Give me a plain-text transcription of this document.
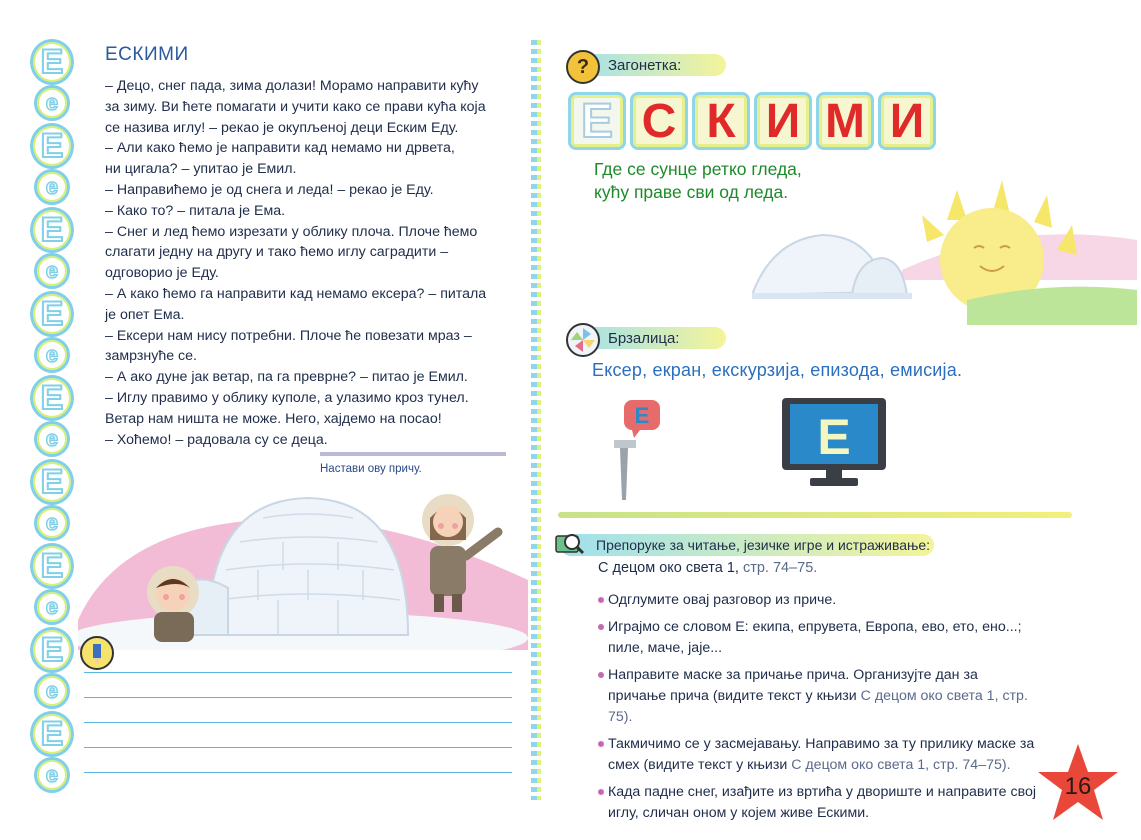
Е
е
Е
е
Е
е
Е
е
Е
е
Е
е
Е
е
Е
е
Е
е
ЕСКИМИ

– Децо, снег пада, зима долази! Морамо направити кућу

за зиму. Ви ћете помагати и учити како се прави кућа која

се назива иглу! – рекао је окупљеној деци Еским Еду.

– Али како ћемо је направити кад немамо ни дрвета,

ни цигала? – упитао је Емил.

– Направићемо је од снега и леда! – рекао је Еду.

– Како то? – питала је Ема.

– Снег и лед ћемо изрезати у облику плоча. Плоче ћемо

слагати једну на другу и тако ћемо иглу саградити –

одговорио је Еду.

– А како ћемо га направити кад немамо ексера? – питала

је опет Ема.

– Ексери нам нису потребни. Плоче ће повезати мраз –

замрзнуће се.

– А ако дуне јак ветар, па га преврне? – питао је Емил.

– Иглу правимо у облику куполе, а улазимо кроз тунел.

Ветар нам ништа не може. Него, хајдемо на посао!

– Хоћемо! – радовала су се деца.

Настави ову причу.
Загонетка:
?
Е С К И М И
Где се сунце ретко гледа,
кућу праве сви од леда.
Брзалица:
Ексер, екран, екскурзија, епизода, емисија.
Е	Е
Препоруке за читање, језичке игре и истраживање:
С децом око света 1, стр. 74–75.
Одглумите овај разговор из приче.
Играјмо се словом Е: екипа, епрувета, Европа, ево, ето, ено...; пиле, маче, јаје...
Направите маске за причање прича. Организујте дан за причање прича (видите текст у књизи С децом око света 1, стр. 75).
Такмичимо се у засмејавању. Направимо за ту прилику маске за смех (видите текст у књизи С децом око света 1, стр. 74–75).
Када падне снег, изађите из вртића у двориште и направите свој иглу, сличан оном у којем живе Ескими.
16
